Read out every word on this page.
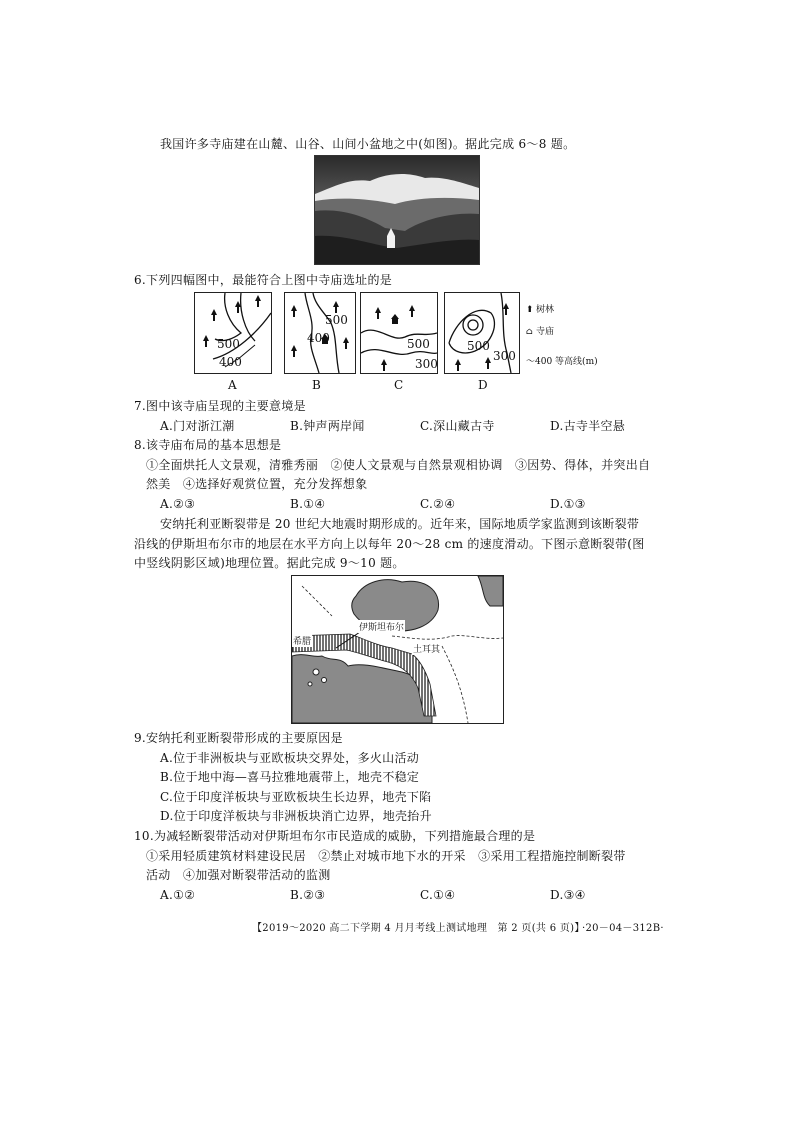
我国许多寺庙建在山麓、山谷、山间小盆地之中(如图)。据此完成 6～8 题。
6.下列四幅图中，最能符合上图中寺庙选址的是
500
400
A
500
400
B
500
300
C
500
300
D
⬆ 树林
⌂ 寺庙
〜400 等高线(m)
7.图中该寺庙呈现的主要意境是
A.门对浙江潮	B.钟声两岸闻	C.深山藏古寺	D.古寺半空悬
8.该寺庙布局的基本思想是
①全面烘托人文景观，清雅秀丽　②使人文景观与自然景观相协调　③因势、得体，并突出自
然美　④选择好观赏位置，充分发挥想象
A.②③	B.①④	C.②④	D.①③
安纳托利亚断裂带是 20 世纪大地震时期形成的。近年来，国际地质学家监测到该断裂带
沿线的伊斯坦布尔市的地层在水平方向上以每年 20～28 cm 的速度滑动。下图示意断裂带(图
中竖线阴影区域)地理位置。据此完成 9～10 题。
伊斯坦布尔
土耳其
希腊
9.安纳托利亚断裂带形成的主要原因是
A.位于非洲板块与亚欧板块交界处，多火山活动
B.位于地中海—喜马拉雅地震带上，地壳不稳定
C.位于印度洋板块与亚欧板块生长边界，地壳下陷
D.位于印度洋板块与非洲板块消亡边界，地壳抬升
10.为减轻断裂带活动对伊斯坦布尔市民造成的威胁，下列措施最合理的是
①采用轻质建筑材料建设民居　②禁止对城市地下水的开采　③采用工程措施控制断裂带
活动　④加强对断裂带活动的监测
A.①②	B.②③	C.①④	D.③④
【2019～2020 高二下学期 4 月月考线上测试地理　第 2 页(共 6 页)】
·20－04－312B·
